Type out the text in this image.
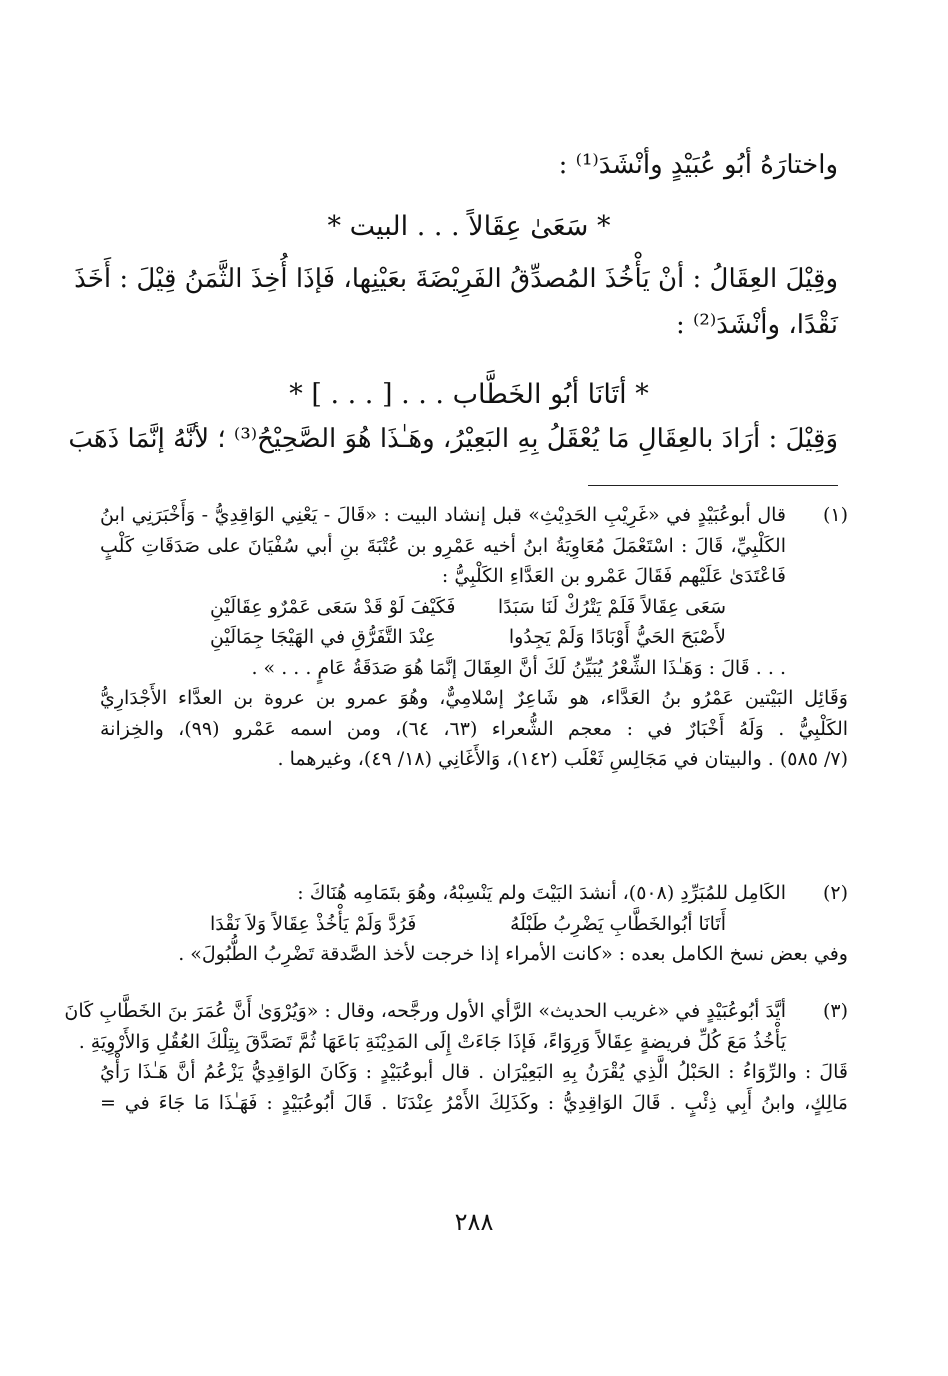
واختارَهُ أبُو عُبَيْدٍ وأنْشَدَ⁽¹⁾ :
* سَعَىٰ عِقَالاً . . . البيت *
وقِيْلَ العِقَالُ : أنْ يَأْخُذَ المُصدِّقُ الفَرِيْضَةَ بعَيْنِها، فَإذَا أُخِذَ الثَّمَنُ قِيْلَ : أَخَذَ
نَقْدًا، وأنْشَدَ⁽²⁾ :
* أتَانَا أبُو الخَطَّاب . . . [ . . . ] *
وَقِيْلَ : أرَادَ بالعِقَالِ مَا يُعْقَلُ بِهِ البَعِيْرُ، وهَـٰذَا هُوَ الصَّحِيْحُ⁽³⁾ ؛ لأنَّهُ إنَّمَا ذَهَبَ
(١)
قال أبوعُبَيْدٍ في «غَرِيْبِ الحَدِيْثِ» قبل إنشاد البيت : «قَالَ - يَعْنِي الوَاقِدِيُّ - وَأَخْبَرَنِي ابنُ
الكَلْبِيِّ، قَالَ : اسْتَعْمَلَ مُعَاوِيَةُ ابنُ أخيه عَمْرِو بن عُتْبَةَ بنِ أبي سُفْيَانَ على صَدَقَاتِ كَلْبٍ
فَاعْتَدَىٰ عَلَيْهم فَقَالَ عَمْرو بن العَدَّاءِ الكَلْبِيُّ :
سَعَى عِقَالاً فَلَمْ يَتْرُكْ لَنَا سَبَدًا
فَكَيْفَ لَوْ قَدْ سَعَى عَمْرٌو عِقَالَيْنِ
لأَصْبَحَ الحَيُّ أَوْبَادًا وَلَمْ يَجِدُوا
عِنْدَ التَّفَرُّقِ في الهَيْجَا جِمَالَيْنِ
. . . قَالَ : وَهَـٰذَا الشِّعْرُ يُبَيِّنُ لَكَ أنَّ العِقَالَ إنَّمَا هُوَ صَدَقَةُ عَامٍ . . . » .
وَقَائِل البَيْتين عَمْرُو بنُ العَدَّاء، هو شَاعِرٌ إسْلامِيٌّ، وهُوَ عمرو بن عروة بن العدَّاء الأَجْدَارِيُّ
الكَلْبِيُّ . وَلَهُ أَخْبَارٌ في : معجم الشُّعراء (٦٣، ٦٤)، ومن اسمه عَمْرو (٩٩)، والخِزانة
(٧/ ٥٨٥) . والبيتان في مَجَالِسِ ثَعْلَب (١٤٢)، وَالأَغَانِي (١٨/ ٤٩)، وغيرهما .
(٢)
الكَامِل للمُبَرِّدِ (٥٠٨)، أنشدَ البَيْتَ ولم يَنْسِبْهُ، وهُوَ بتَمَامِه هُنَاكَ :
أَتَانَا أبُوالخَطَّابِ يَضْرِبُ طَبْلَهُ
فَرُدَّ وَلَمْ يَأْخُذْ عِقَالاً وَلاَ نَقْدَا
وفي بعض نسخ الكامل بعده : «كانت الأمراء إذا خرجت لأخذ الصَّدقة تَضْرِبُ الطُّبُولَ» .
(٣)
أيَّدَ أبُوعُبَيْدٍ في «غريب الحديث» الرَّأي الأول ورجَّحه، وقال : «وَيُرْوَىٰ أَنَّ عُمَرَ بنَ الخَطَّابِ كَانَ
يَأْخُذُ مَعَ كُلِّ فريضةٍ عِقَالاً وَرِوَاءً، فَإذَا جَاءَتْ إِلَى المَدِيْنَةِ بَاعَهَا ثُمَّ تَصَدَّقَ بِتِلْكَ العُقُلِ وَالأَرْوِيَةِ .
قَالَ : والرِّوَاءُ : الحَبْلُ الَّذِي يُقْرَنُ بِهِ البَعِيْرَان . قال أبوعُبَيْدٍ : وَكَانَ الوَاقِدِيُّ يَزْعُمُ أنَّ هَـٰذَا رَأْيُ
مَالِكٍ، وابنُ أَبِي ذِئْبٍ . قَالَ الوَاقِدِيُّ : وكَذَلِكَ الأَمْرُ عِنْدَنَا . قَالَ أبُوعُبَيْدٍ : فَهَـٰذَا مَا جَاءَ في =
٢٨٨
